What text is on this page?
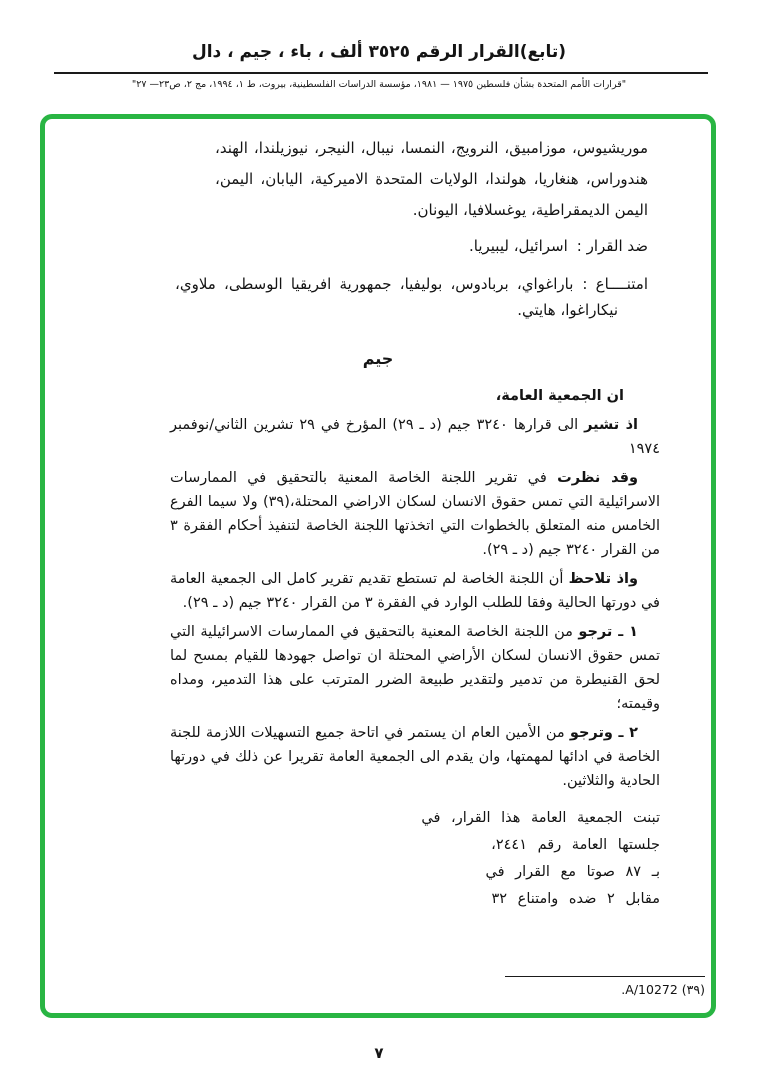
(تابع)القرار الرقم ٣٥٢٥ ألف ، باء ، جيم ، دال
"قرارات الأمم المتحدة بشأن فلسطين ١٩٧٥ — ١٩٨١، مؤسسة الدراسات الفلسطينية، بيروت، ط ١، ١٩٩٤، مج ٢، ص٢٣— ٢٧"

موريشيوس، موزامبيق، النرويج، النمسا، نيبال، النيجر، نيوزيلندا، الهند، هندوراس، هنغاريا، هولندا، الولايات المتحدة الاميركية، اليابان، اليمن، اليمن الديمقراطية، يوغسلافيا، اليونان.

ضد القرار :اسرائيل، ليبيريا.

امتنــــاع :باراغواي، بربادوس، بوليفيا، جمهورية افريقيا الوسطى، ملاوي، نيكاراغوا، هايتي.

جيم

ان الجمعية العامة،

اذ تشير الى قرارها ٣٢٤٠ جيم (د ـ ٢٩) المؤرخ في ٢٩ تشرين الثاني/نوفمبر ١٩٧٤

وقد نظرت في تقرير اللجنة الخاصة المعنية بالتحقيق في الممارسات الاسرائيلية التي تمس حقوق الانسان لسكان الاراضي المحتلة،(٣٩) ولا سيما الفرع الخامس منه المتعلق بالخطوات التي اتخذتها اللجنة الخاصة لتنفيذ أحكام الفقرة ٣ من القرار ٣٢٤٠ جيم (د ـ ٢٩).

واذ تلاحظ أن اللجنة الخاصة لم تستطع تقديم تقرير كامل الى الجمعية العامة في دورتها الحالية وفقا للطلب الوارد في الفقرة ٣ من القرار ٣٢٤٠ جيم (د ـ ٢٩).

١ ـ ترجو من اللجنة الخاصة المعنية بالتحقيق في الممارسات الاسرائيلية التي تمس حقوق الانسان لسكان الأراضي المحتلة ان تواصل جهودها للقيام بمسح لما لحق القنيطرة من تدمير ولتقدير طبيعة الضرر المترتب على هذا التدمير، ومداه وقيمته؛

٢ ـ وترجو من الأمين العام ان يستمر في اتاحة جميع التسهيلات اللازمة للجنة الخاصة في ادائها لمهمتها، وان يقدم الى الجمعية العامة تقريرا عن ذلك في دورتها الحادية والثلاثين.

تبنت الجمعية العامة هذا القرار، في
جلستها العامة رقم ٢٤٤١،
بـ ٨٧ صوتا مع القرار في
مقابل ٢ ضده وامتناع ٣٢
(٣٩) A/10272.
٧
